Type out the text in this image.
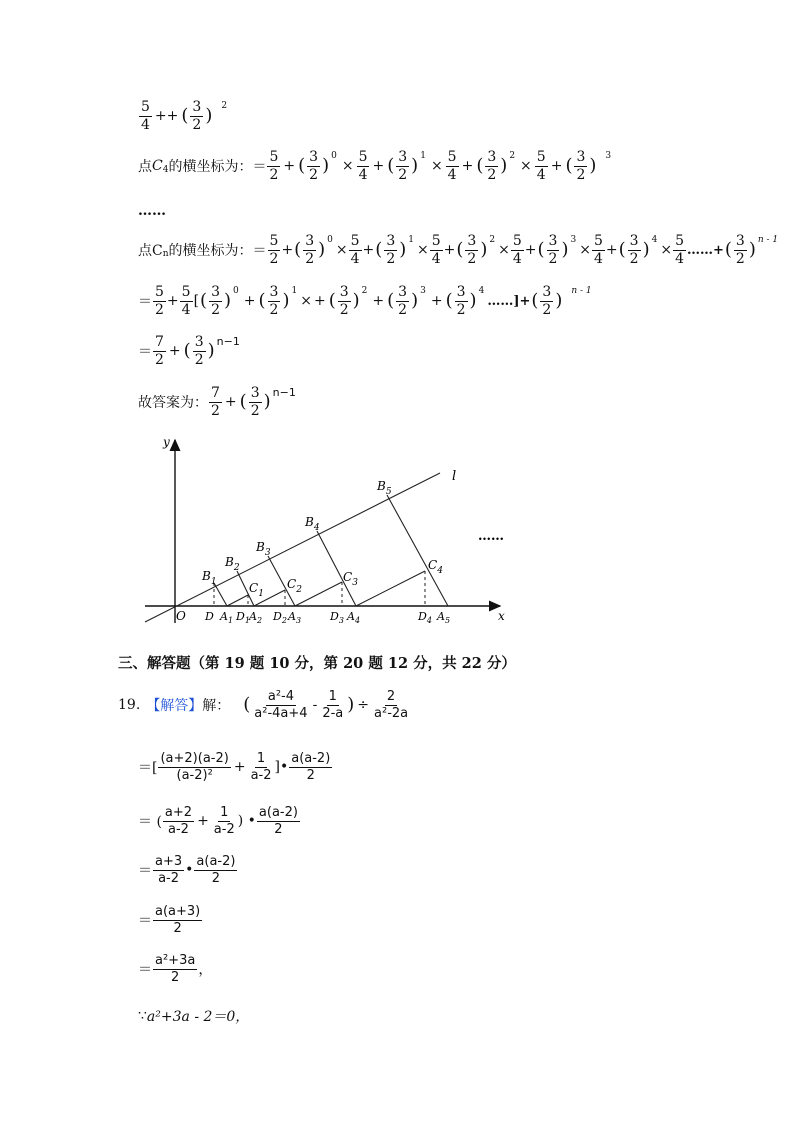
$\frac{5}{4}$ ++ ( $\frac{3}{2}$ ) 2
点 C 4 的横坐标为：＝ $\frac{5}{2}$ + ( $\frac{3}{2}$ ) 0
× $\frac{5}{4}$ + ( $\frac{3}{2}$ ) 1
× $\frac{5}{4}$ + ( $\frac{3}{2}$ ) 2
× $\frac{5}{4}$ + ( $\frac{3}{2}$ ) 3
……
点C n 的横坐标为：＝ $\frac{5}{2}$ + ( $\frac{3}{2}$ ) 0
× $\frac{5}{4}$ + ( $\frac{3}{2}$ ) 1
× $\frac{5}{4}$ + ( $\frac{3}{2}$ ) 2
× $\frac{5}{4}$ + ( $\frac{3}{2}$ ) 3
× $\frac{5}{4}$ + ( $\frac{3}{2}$ ) 4
× $\frac{5}{4}$ ……+ ( $\frac{3}{2}$ ) n - 1
＝ $\frac{5}{2} + \frac{5}{4}$ [ ( $\frac{3}{2}$ ) 0
+ ( $\frac{3}{2}$ ) 1
× + ( $\frac{3}{2}$ ) 2
+ ( $\frac{3}{2}$ ) 3
+ ( $\frac{3}{2}$ ) 4
……]+ ( $\frac{3}{2}$ ) n - 1
＝ $\frac{7}{2}$ + ( $\frac{3}{2}$ ) n−1
故答案为： $\frac{7}{2}$ + ( $\frac{3}{2}$ ) n−1
y
x
O
l
……
$B_1$
$B_2$
$B_3$
$B_4$
$B_5$
$C_1$
$C_2$
$C_3$
$C_4$
D $A_1$ $D_1$ $A_2$ $D_2$ $A_3$	$D_3$ $A_4$	$D_4$ $A_5$
三、解答题（第 19 题 10 分，第 20 题 12 分，共 22 分）
19. 【解答】 解： ( $\frac{\text{a²-4}}{\text{a²-4a+4}} - \frac{1}{2-a}$ ) ÷ $\frac{2}{\text{a²-2a}}$
＝[ $\frac{(a+2)(a-2)}{\text{(a-2)²}} + \frac{1}{a-2}$ ]• $\frac{a(a-2)}{2}$
＝ ( $\frac{a+2}{a-2} + \frac{1}{a-2}$ ) • $\frac{a(a-2)}{2}$
＝ $\frac{a+3}{a-2}$ • $\frac{a(a-2)}{2}$
＝ $\frac{a(a+3)}{2}$
＝ $\frac{\text{a²+3a}}{2}$ ，
∵ a²+3a - 2＝0，
